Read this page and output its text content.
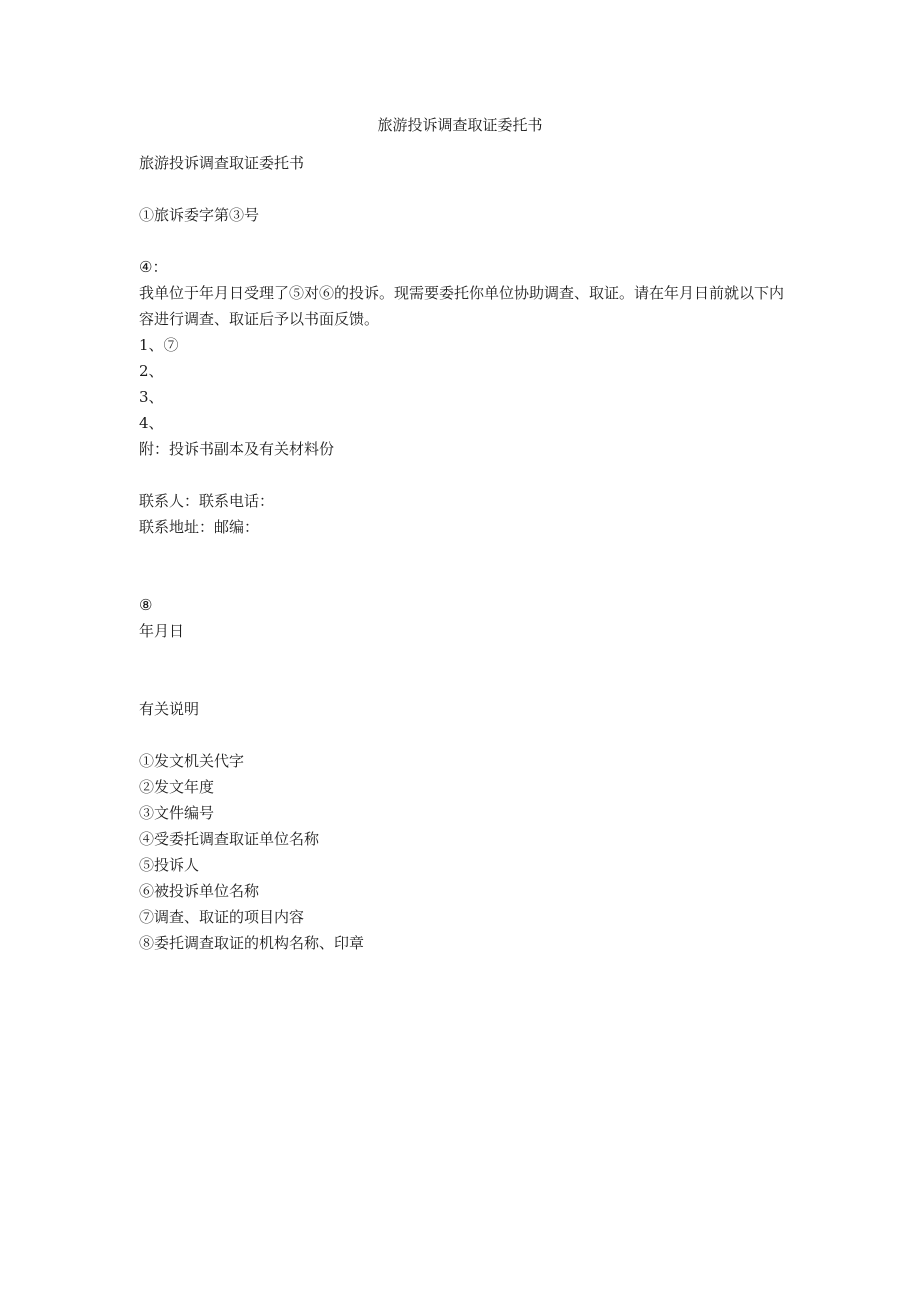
旅游投诉调查取证委托书
旅游投诉调查取证委托书
①旅诉委字第③号
④：
我单位于年月日受理了⑤对⑥的投诉。现需要委托你单位协助调查、取证。请在年月日前就以下内容进行调查、取证后予以书面反馈。
1、⑦
2、
3、
4、
附：投诉书副本及有关材料份
联系人：联系电话：
联系地址：邮编：
⑧
年月日
有关说明
①发文机关代字
②发文年度
③文件编号
④受委托调查取证单位名称
⑤投诉人
⑥被投诉单位名称
⑦调查、取证的项目内容
⑧委托调查取证的机构名称、印章
